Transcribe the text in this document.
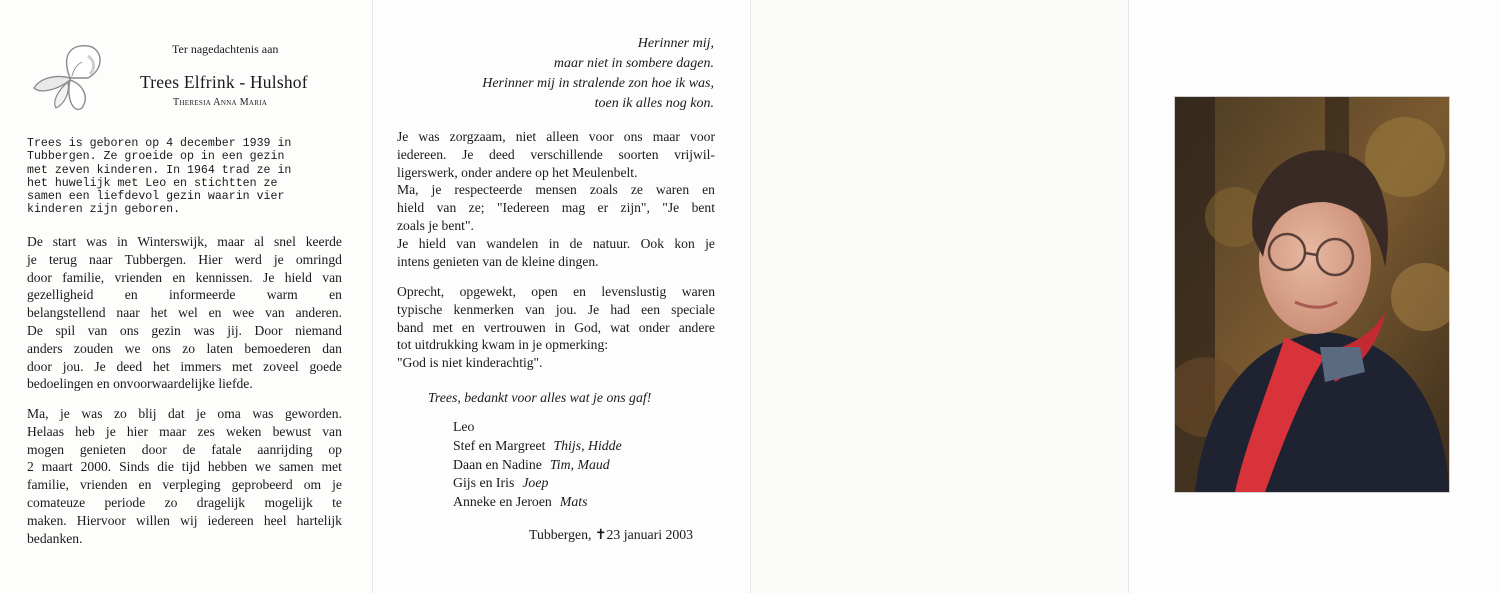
Ter nagedachtenis aan
Trees Elfrink - Hulshof
Theresia Anna Maria
Trees is geboren op 4 december 1939 in
Tubbergen. Ze groeide op in een gezin
met zeven kinderen. In 1964 trad ze in
het huwelijk met Leo en stichtten ze
samen een liefdevol gezin waarin vier
kinderen zijn geboren.
De start was in Winterswijk, maar al snel keerde
je terug naar Tubbergen. Hier werd je omringd
door familie, vrienden en kennissen. Je hield van
gezelligheid en informeerde warm en
belangstellend naar het wel en wee van anderen.
De spil van ons gezin was jij. Door niemand
anders zouden we ons zo laten bemoederen dan
door jou. Je deed het immers met zoveel goede
bedoelingen en onvoorwaardelijke liefde.
Ma, je was zo blij dat je oma was geworden.
Helaas heb je hier maar zes weken bewust van
mogen genieten door de fatale aanrijding op
2 maart 2000. Sinds die tijd hebben we samen met
familie, vrienden en verpleging geprobeerd om je
comateuze periode zo dragelijk mogelijk te
maken. Hiervoor willen wij iedereen heel hartelijk
bedanken.
Herinner mij,
maar niet in sombere dagen.
Herinner mij in stralende zon hoe ik was,
toen ik alles nog kon.
Je was zorgzaam, niet alleen voor ons maar voor
iedereen. Je deed verschillende soorten vrijwil-
ligerswerk, onder andere op het Meulenbelt.
Ma, je respecteerde mensen zoals ze waren en
hield van ze; "Iedereen mag er zijn", "Je bent
zoals je bent".
Je hield van wandelen in de natuur. Ook kon je
intens genieten van de kleine dingen.
Oprecht, opgewekt, open en levenslustig waren
typische kenmerken van jou. Je had een speciale
band met en vertrouwen in God, wat onder andere
tot uitdrukking kwam in je opmerking:
"God is niet kinderachtig".
Trees, bedankt voor alles wat je ons gaf!
Leo
Stef en Margreet Thijs, Hidde
Daan en Nadine Tim, Maud
Gijs en Iris Joep
Anneke en Jeroen Mats
Tubbergen, ✝23 januari 2003
